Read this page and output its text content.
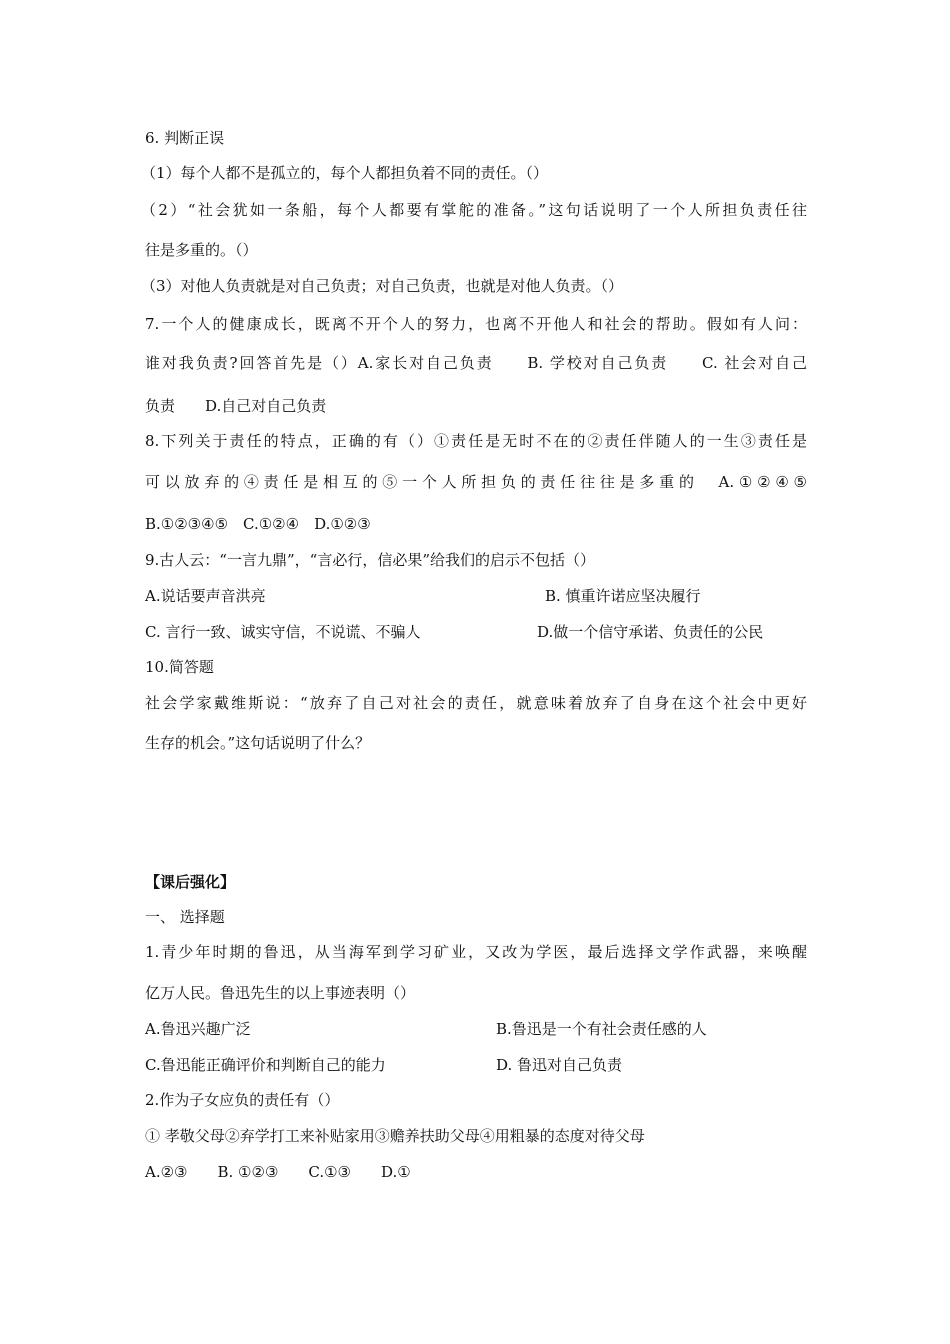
6. 判断正误
（1）每个人都不是孤立的，每个人都担负着不同的责任。（）
（2）“社会犹如一条船，每个人都要有掌舵的准备。”这句话说明了一个人所担负责任往
往是多重的。（）
（3）对他人负责就是对自己负责；对自己负责，也就是对他人负责。（）
7.一个人的健康成长，既离不开个人的努力，也离不开他人和社会的帮助。假如有人问：
谁对我负责?回答首先是（）A.家长对自己负责　　B. 学校对自己负责　　C. 社会对自己
负责　　D.自己对自己负责
8.下列关于责任的特点，正确的有（）①责任是无时不在的②责任伴随人的一生③责任是
可以放弃的④责任是相互的⑤一个人所担负的责任往往是多重的　A.①②④⑤
B.①②③④⑤　C.①②④　D.①②③
9.古人云：“一言九鼎”，“言必行，信必果”给我们的启示不包括（）
A.说话要声音洪亮	B. 慎重许诺应坚决履行
C. 言行一致、诚实守信，不说谎、不骗人	D.做一个信守承诺、负责任的公民
10.简答题
社会学家戴维斯说：“放弃了自己对社会的责任，就意味着放弃了自身在这个社会中更好
生存的机会。”这句话说明了什么？
【课后强化】
一、 选择题
1.青少年时期的鲁迅，从当海军到学习矿业，又改为学医，最后选择文学作武器，来唤醒
亿万人民。鲁迅先生的以上事迹表明（）
A.鲁迅兴趣广泛	B.鲁迅是一个有社会责任感的人
C.鲁迅能正确评价和判断自己的能力	D. 鲁迅对自己负责
2.作为子女应负的责任有（）
① 孝敬父母②弃学打工来补贴家用③赡养扶助父母④用粗暴的态度对待父母
A.②③　　B. ①②③　　C.①③　　D.①
